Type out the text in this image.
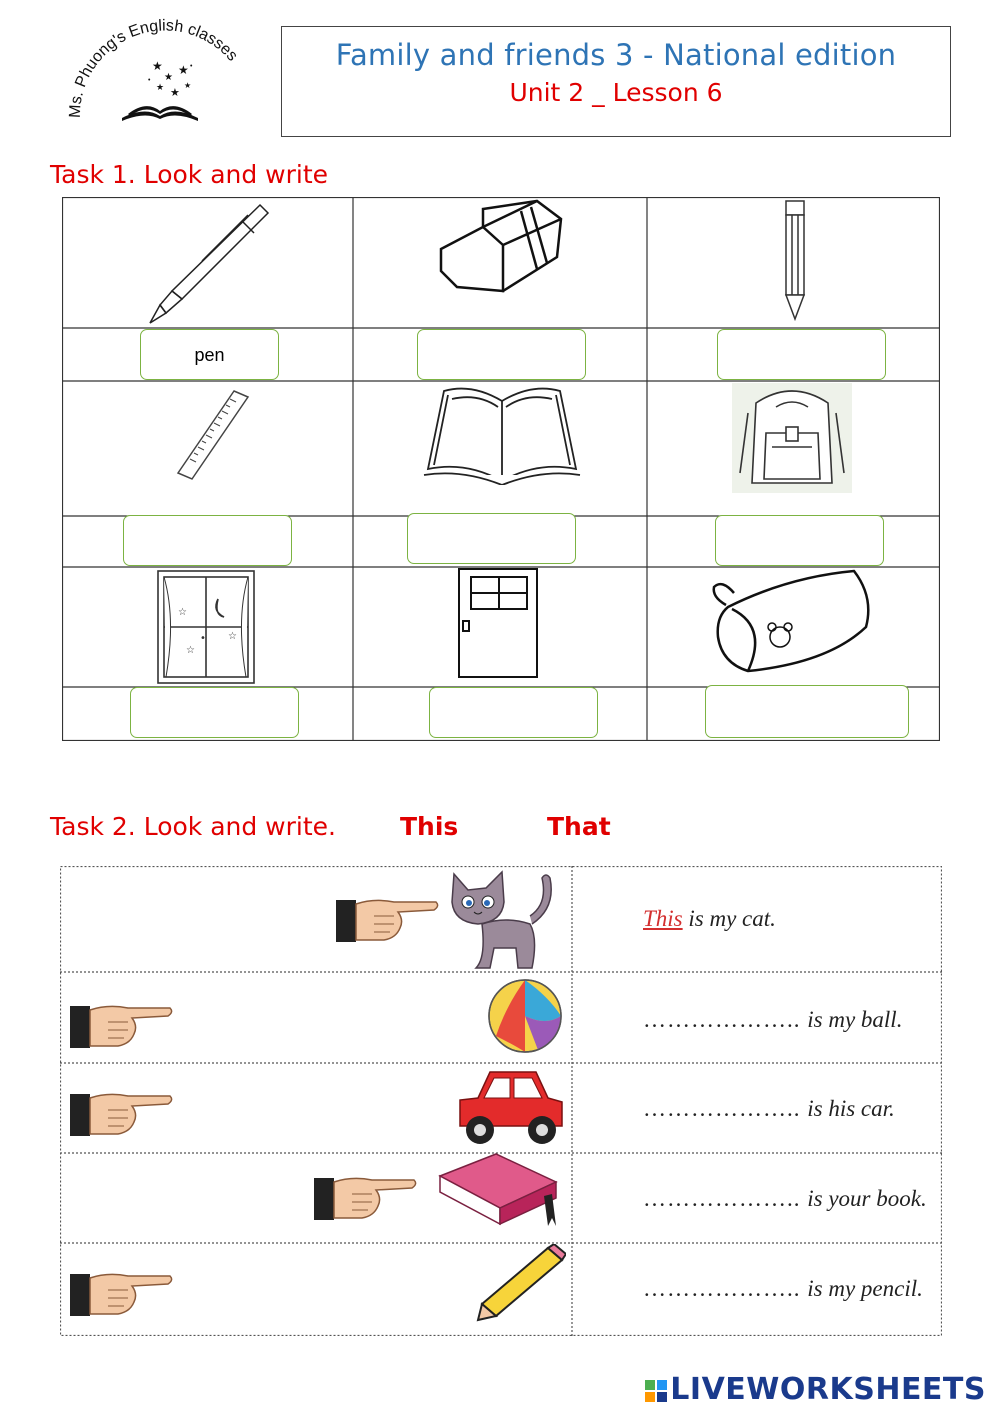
Ms. Phuong's English classes
★
★
★
★ ★
★
•
•	Family and friends 3 - National edition
Unit 2 _ Lesson 6
Task 1. Look and write
pen
☆
☆
☆
•
Task 2. Look and write.	This	That
This is my cat.
……………….. is my ball.
……………….. is his car.
……………….. is your book.
……………….. is my pencil.
LIVEWORKSHEETS
